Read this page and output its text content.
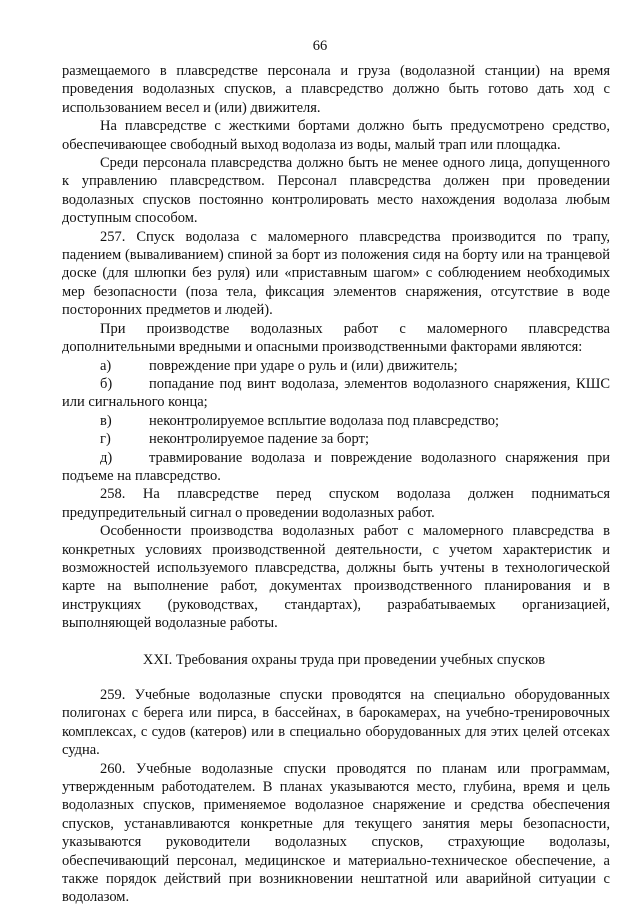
66

размещаемого в плавсредстве персонала и груза (водолазной станции) на время проведения водолазных спусков, а плавсредство должно быть готово дать ход с использованием весел и (или) движителя.

На плавсредстве с жесткими бортами должно быть предусмотрено средство, обеспечивающее свободный выход водолаза из воды, малый трап или площадка.

Среди персонала плавсредства должно быть не менее одного лица, допущенного к управлению плавсредством. Персонал плавсредства должен при проведении водолазных спусков постоянно контролировать место нахождения водолаза любым доступным способом.

257. Спуск водолаза с маломерного плавсредства производится по трапу, падением (вываливанием) спиной за борт из положения сидя на борту или на транцевой доске (для шлюпки без руля) или «приставным шагом» с соблюдением необходимых мер безопасности (поза тела, фиксация элементов снаряжения, отсутствие в воде посторонних предметов и людей).

При производстве водолазных работ с маломерного плавсредства дополнительными вредными и опасными производственными факторами являются:

а)	повреждение при ударе о руль и (или) движитель;

б)	попадание под винт водолаза, элементов водолазного снаряжения, КШС или сигнального конца;

в)	неконтролируемое всплытие водолаза под плавсредство;

г)	неконтролируемое падение за борт;

д)	травмирование водолаза и повреждение водолазного снаряжения при подъеме на плавсредство.

258. На плавсредстве перед спуском водолаза должен подниматься предупредительный сигнал о проведении водолазных работ.

Особенности производства водолазных работ с маломерного плавсредства в конкретных условиях производственной деятельности, с учетом характеристик и возможностей используемого плавсредства, должны быть учтены в технологической карте на выполнение работ, документах производственного планирования и в инструкциях (руководствах, стандартах), разрабатываемых организацией, выполняющей водолазные работы.

XXI. Требования охраны труда при проведении учебных спусков

259. Учебные водолазные спуски проводятся на специально оборудованных полигонах с берега или пирса, в бассейнах, в барокамерах, на учебно-тренировочных комплексах, с судов (катеров) или в специально оборудованных для этих целей отсеках судна.

260. Учебные водолазные спуски проводятся по планам или программам, утвержденным работодателем. В планах указываются место, глубина, время и цель водолазных спусков, применяемое водолазное снаряжение и средства обеспечения спусков, устанавливаются конкретные для текущего занятия меры безопасности, указываются руководители водолазных спусков, страхующие водолазы, обеспечивающий персонал, медицинское и материально-техническое обеспечение, а также порядок действий при возникновении нештатной или аварийной ситуации с водолазом.
